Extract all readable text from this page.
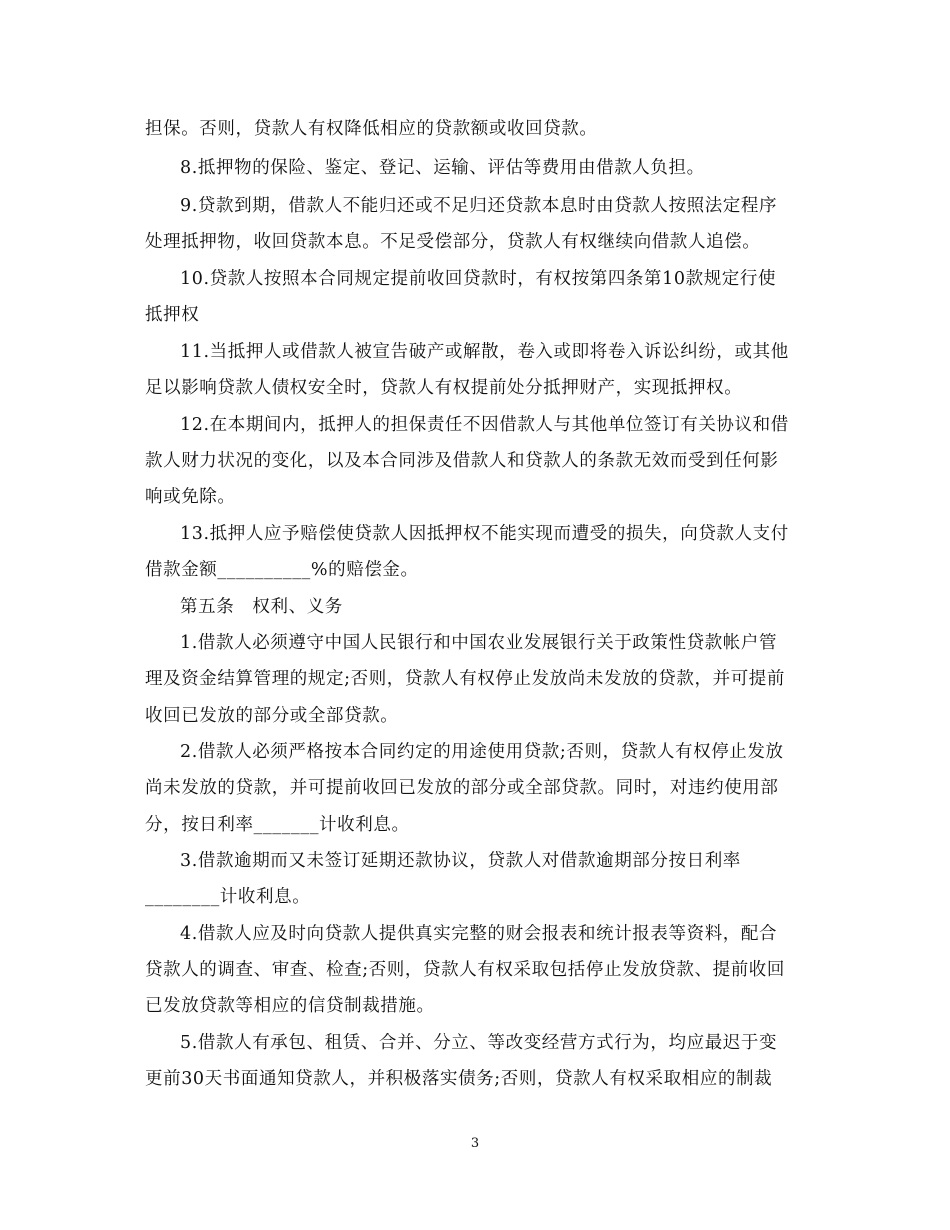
担保。否则，贷款人有权降低相应的贷款额或收回贷款。
8.抵押物的保险、鉴定、登记、运输、评估等费用由借款人负担。
9.贷款到期，借款人不能归还或不足归还贷款本息时由贷款人按照法定程序
处理抵押物，收回贷款本息。不足受偿部分，贷款人有权继续向借款人追偿。
10.贷款人按照本合同规定提前收回贷款时，有权按第四条第10款规定行使
抵押权
11.当抵押人或借款人被宣告破产或解散，卷入或即将卷入诉讼纠纷，或其他
足以影响贷款人债权安全时，贷款人有权提前处分抵押财产，实现抵押权。
12.在本期间内，抵押人的担保责任不因借款人与其他单位签订有关协议和借
款人财力状况的变化，以及本合同涉及借款人和贷款人的条款无效而受到任何影
响或免除。
13.抵押人应予赔偿使贷款人因抵押权不能实现而遭受的损失，向贷款人支付
借款金额__________%的赔偿金。
第五条　权利、义务
1.借款人必须遵守中国人民银行和中国农业发展银行关于政策性贷款帐户管
理及资金结算管理的规定;否则，贷款人有权停止发放尚未发放的贷款，并可提前
收回已发放的部分或全部贷款。
2.借款人必须严格按本合同约定的用途使用贷款;否则，贷款人有权停止发放
尚未发放的贷款，并可提前收回已发放的部分或全部贷款。同时，对违约使用部
分，按日利率_______计收利息。
3.借款逾期而又未签订延期还款协议，贷款人对借款逾期部分按日利率
________计收利息。
4.借款人应及时向贷款人提供真实完整的财会报表和统计报表等资料，配合
贷款人的调查、审查、检查;否则，贷款人有权采取包括停止发放贷款、提前收回
已发放贷款等相应的信贷制裁措施。
5.借款人有承包、租赁、合并、分立、等改变经营方式行为，均应最迟于变
更前30天书面通知贷款人，并积极落实债务;否则，贷款人有权采取相应的制裁
3
